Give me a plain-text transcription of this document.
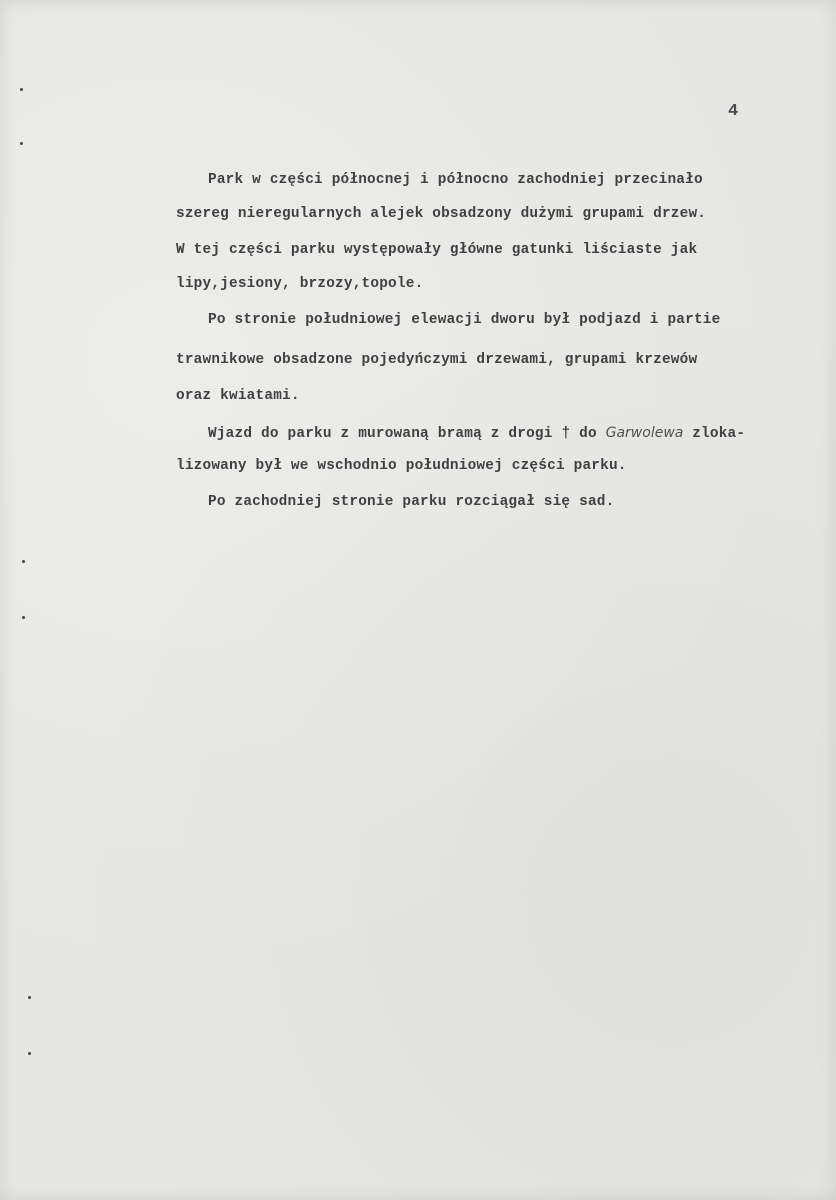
4
Park w części północnej i północno zachodniej przecinało
szereg nieregularnych alejek obsadzony dużymi grupami drzew.
W tej części parku występowały główne gatunki liściaste jak
lipy,jesiony, brzozy,topole.
Po stronie południowej elewacji dworu był podjazd i partie
trawnikowe obsadzone pojedyńczymi drzewami, grupami krzewów
oraz kwiatami.
Wjazd do parku z murowaną bramą z drogi † do Garwolewa zloka-
lizowany był we wschodnio południowej części parku.
Po zachodniej stronie parku rozciągał się sad.
